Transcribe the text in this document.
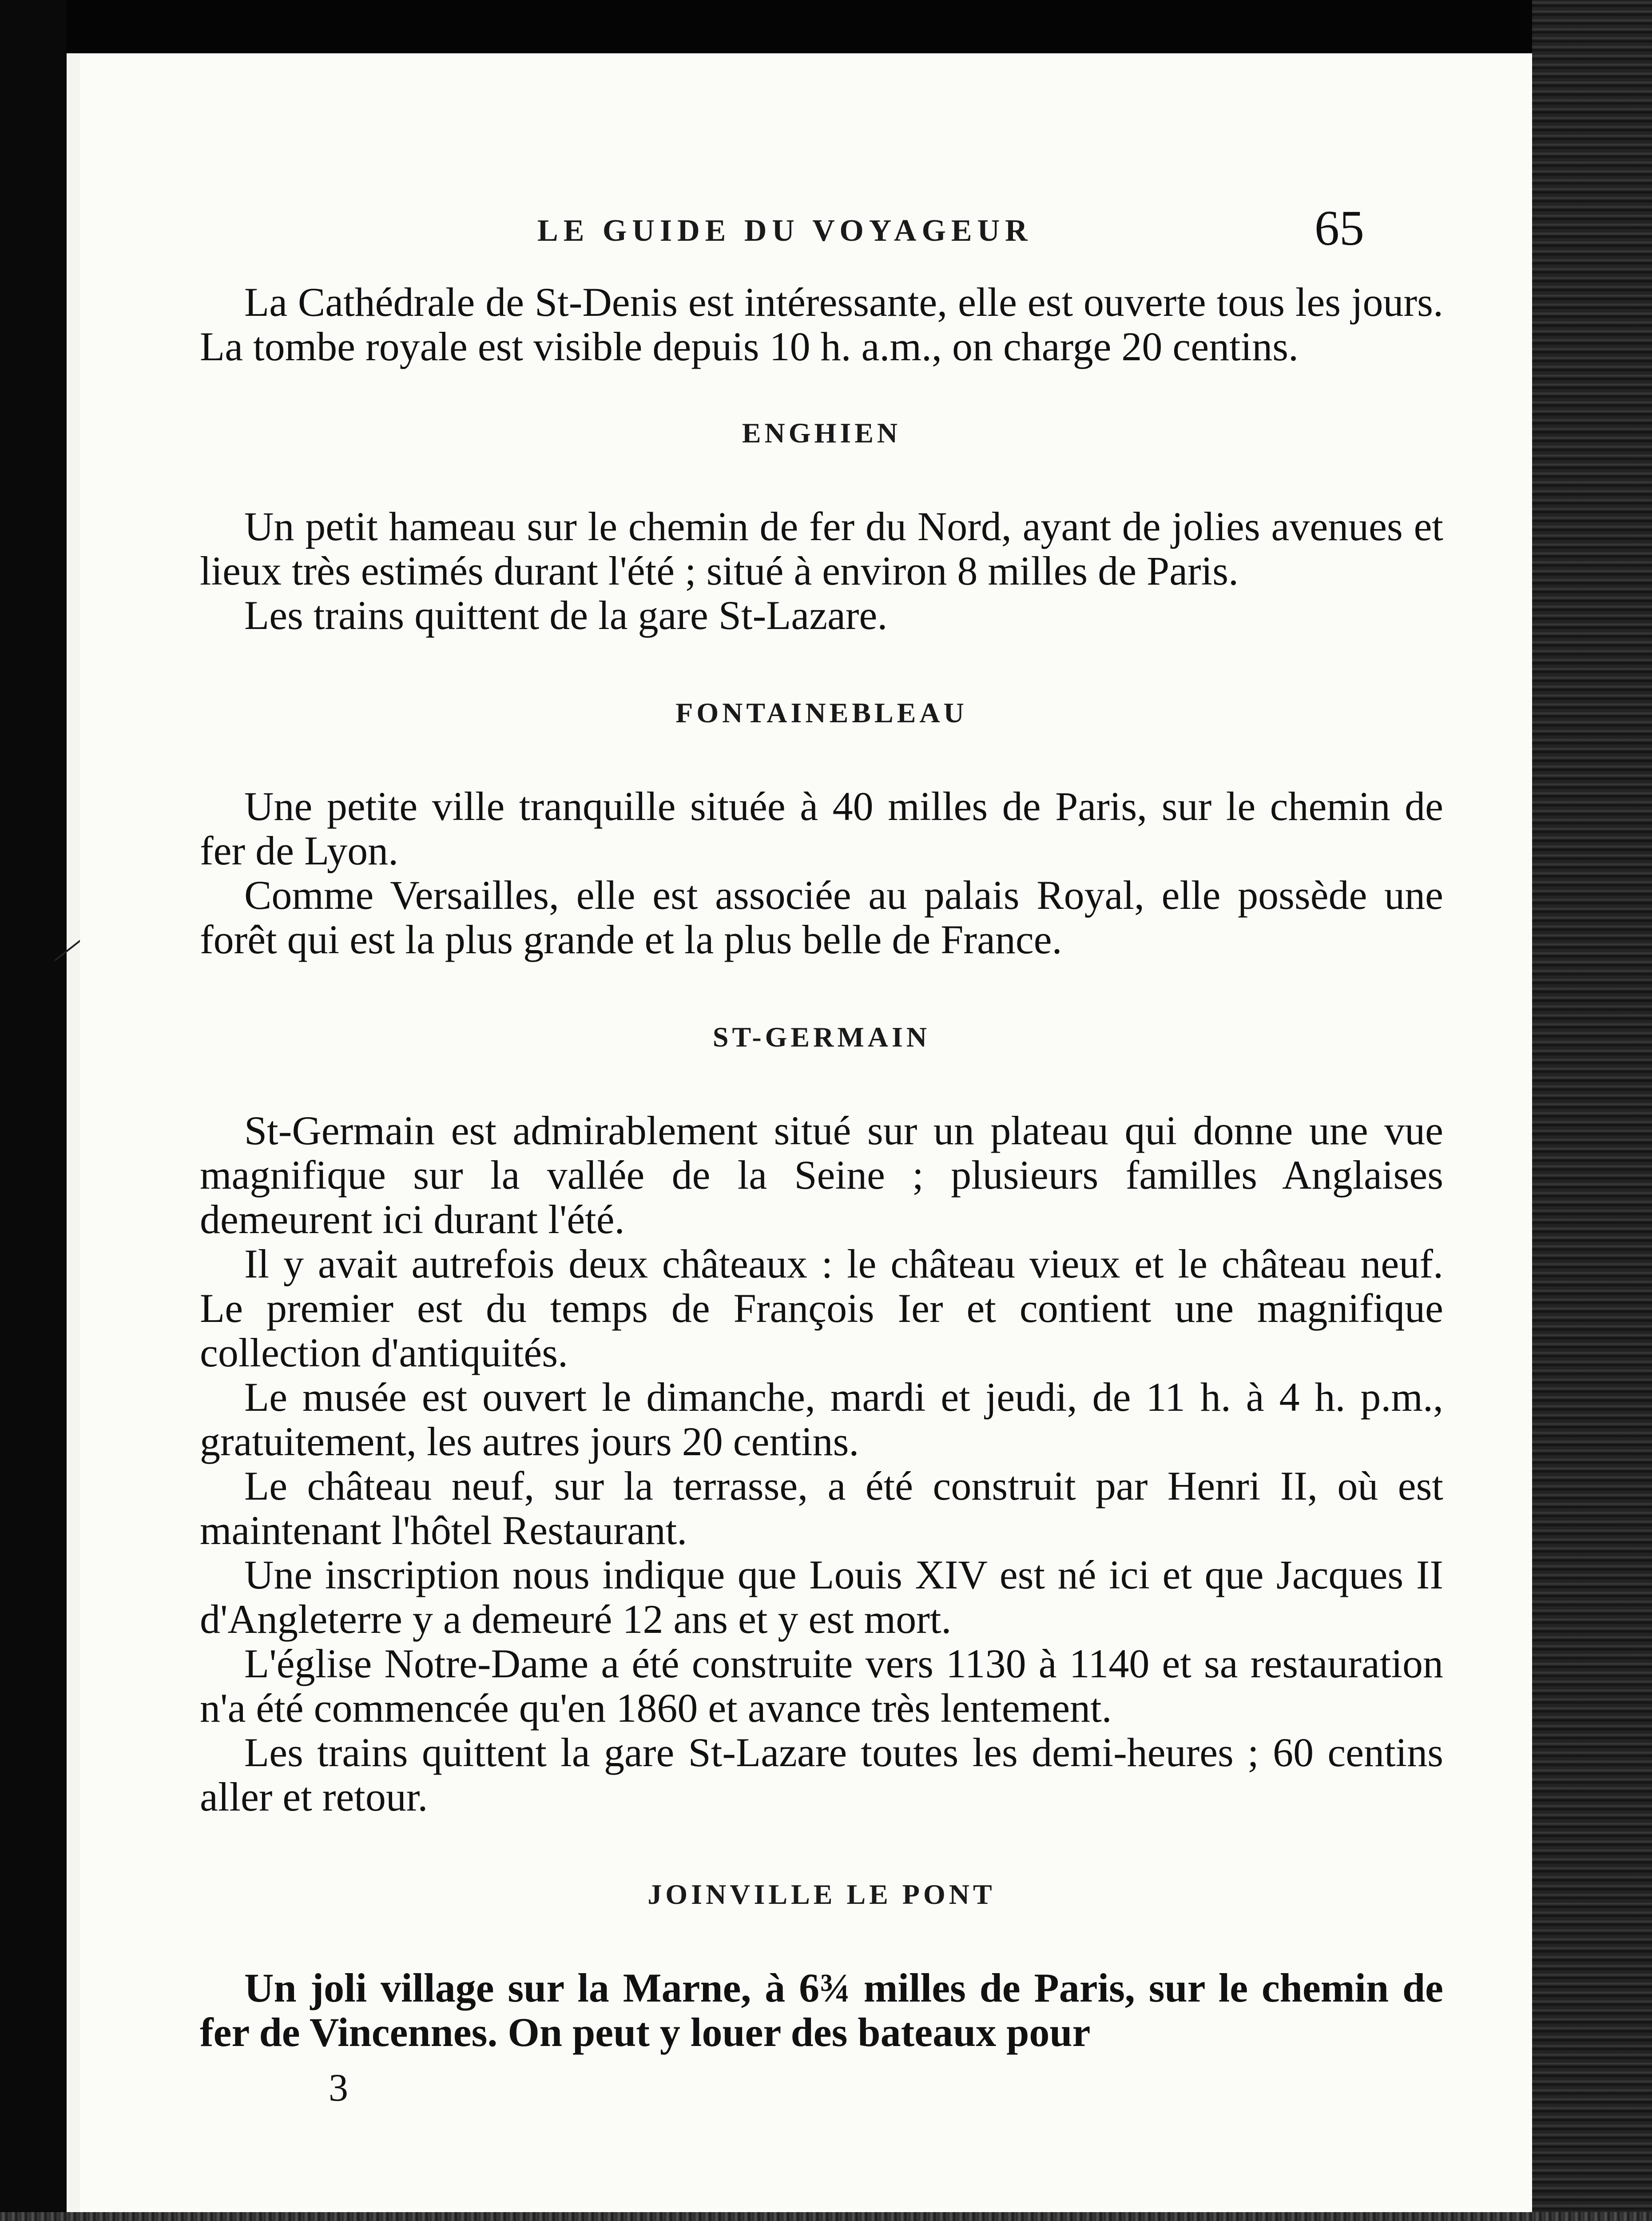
LE GUIDE DU VOYAGEUR	65

La Cathédrale de St-Denis est intéressante, elle est ouverte tous les jours. La tombe royale est visible depuis 10 h. a.m., on charge 20 centins.

ENGHIEN

Un petit hameau sur le chemin de fer du Nord, ayant de jolies avenues et lieux très estimés durant l'été ; situé à environ 8 milles de Paris.

Les trains quittent de la gare St-Lazare.

FONTAINEBLEAU

Une petite ville tranquille située à 40 milles de Paris, sur le chemin de fer de Lyon.

Comme Versailles, elle est associée au palais Royal, elle possède une forêt qui est la plus grande et la plus belle de France.

ST-GERMAIN

St-Germain est admirablement situé sur un plateau qui donne une vue magnifique sur la vallée de la Seine ; plusieurs familles Anglaises demeurent ici durant l'été.

Il y avait autrefois deux châteaux : le château vieux et le château neuf. Le premier est du temps de François Ier et contient une magnifique collection d'antiquités.

Le musée est ouvert le dimanche, mardi et jeudi, de 11 h. à 4 h. p.m., gratuitement, les autres jours 20 centins.

Le château neuf, sur la terrasse, a été construit par Henri II, où est maintenant l'hôtel Restaurant.

Une inscription nous indique que Louis XIV est né ici et que Jacques II d'Angleterre y a demeuré 12 ans et y est mort.

L'église Notre-Dame a été construite vers 1130 à 1140 et sa restauration n'a été commencée qu'en 1860 et avance très lentement.

Les trains quittent la gare St-Lazare toutes les demi-heures ; 60 centins aller et retour.

JOINVILLE LE PONT

Un joli village sur la Marne, à 6¾ milles de Paris, sur le chemin de fer de Vincennes. On peut y louer des bateaux pour

3
